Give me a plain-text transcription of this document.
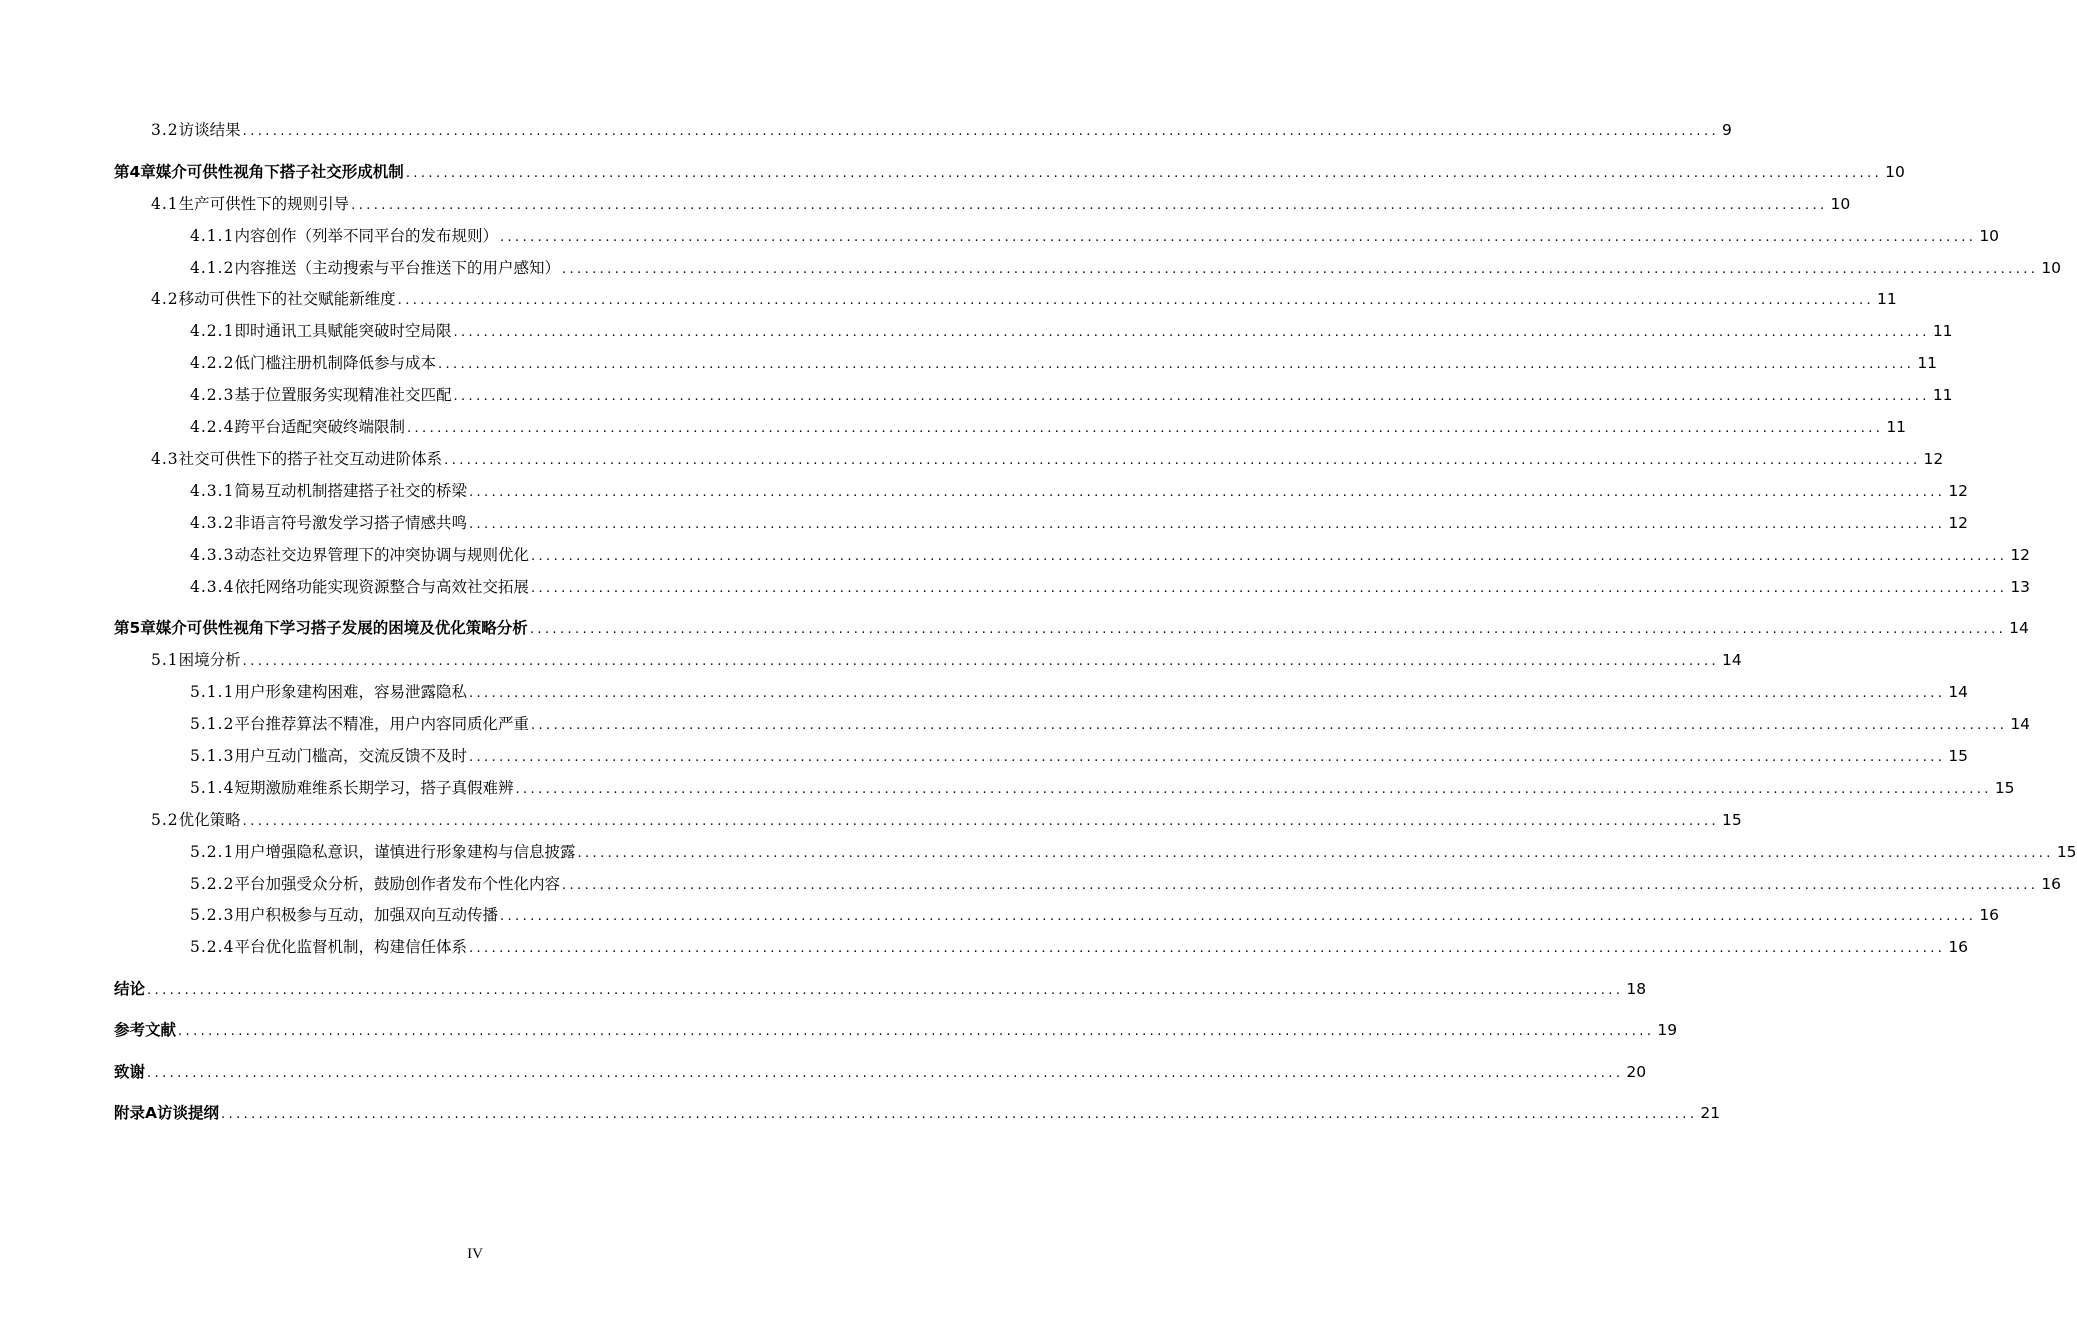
3.2 访谈结果 .................................................................................................................................................................................................... 9
第4章 媒介可供性视角下搭子社交形成机制 .................................................................................................................................................................................................... 10
4.1 生产可供性下的规则引导 .................................................................................................................................................................................................... 10
4.1.1 内容创作（列举不同平台的发布规则） .................................................................................................................................................................................................... 10
4.1.2 内容推送（主动搜索与平台推送下的用户感知） .................................................................................................................................................................................................... 10
4.2 移动可供性下的社交赋能新维度 .................................................................................................................................................................................................... 11
4.2.1 即时通讯工具赋能突破时空局限 .................................................................................................................................................................................................... 11
4.2.2 低门槛注册机制降低参与成本 .................................................................................................................................................................................................... 11
4.2.3 基于位置服务实现精准社交匹配 .................................................................................................................................................................................................... 11
4.2.4 跨平台适配突破终端限制 .................................................................................................................................................................................................... 11
4.3 社交可供性下的搭子社交互动进阶体系 .................................................................................................................................................................................................... 12
4.3.1 简易互动机制搭建搭子社交的桥梁 .................................................................................................................................................................................................... 12
4.3.2 非语言符号激发学习搭子情感共鸣 .................................................................................................................................................................................................... 12
4.3.3 动态社交边界管理下的冲突协调与规则优化 .................................................................................................................................................................................................... 12
4.3.4 依托网络功能实现资源整合与高效社交拓展 .................................................................................................................................................................................................... 13
第5章 媒介可供性视角下学习搭子发展的困境及优化策略分析 .................................................................................................................................................................................................... 14
5.1 困境分析 .................................................................................................................................................................................................... 14
5.1.1 用户形象建构困难，容易泄露隐私 .................................................................................................................................................................................................... 14
5.1.2 平台推荐算法不精准，用户内容同质化严重 .................................................................................................................................................................................................... 14
5.1.3 用户互动门槛高，交流反馈不及时 .................................................................................................................................................................................................... 15
5.1.4 短期激励难维系长期学习，搭子真假难辨 .................................................................................................................................................................................................... 15
5.2 优化策略 .................................................................................................................................................................................................... 15
5.2.1 用户增强隐私意识，谨慎进行形象建构与信息披露 .................................................................................................................................................................................................... 15
5.2.2 平台加强受众分析，鼓励创作者发布个性化内容 .................................................................................................................................................................................................... 16
5.2.3 用户积极参与互动，加强双向互动传播 .................................................................................................................................................................................................... 16
5.2.4 平台优化监督机制，构建信任体系 .................................................................................................................................................................................................... 16
结论 .................................................................................................................................................................................................... 18
参考文献 .................................................................................................................................................................................................... 19
致谢 .................................................................................................................................................................................................... 20
附录A 访谈提纲 .................................................................................................................................................................................................... 21
IV
